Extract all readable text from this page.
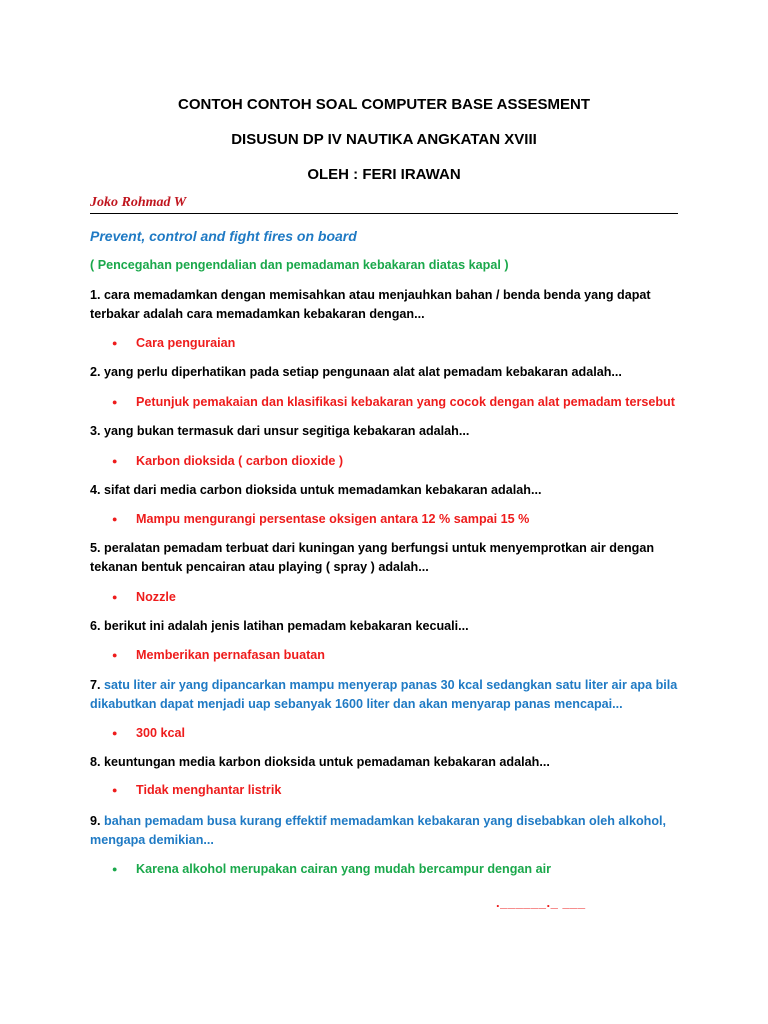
CONTOH CONTOH SOAL COMPUTER BASE ASSESMENT

DISUSUN DP IV NAUTIKA ANGKATAN XVIII

OLEH : FERI IRAWAN

Joko Rohmad W

Prevent, control and fight fires on board

( Pencegahan pengendalian dan pemadaman kebakaran diatas kapal )

1. cara memadamkan dengan memisahkan atau menjauhkan bahan / benda benda yang dapat terbakar adalah cara memadamkan kebakaran dengan...

● Cara penguraian

2. yang perlu diperhatikan pada setiap pengunaan alat alat pemadam kebakaran adalah...

● Petunjuk pemakaian dan klasifikasi kebakaran yang cocok dengan alat pemadam tersebut

3. yang bukan termasuk dari unsur segitiga kebakaran adalah...

● Karbon dioksida ( carbon dioxide )

4. sifat dari media carbon dioksida untuk memadamkan kebakaran adalah...

● Mampu mengurangi persentase oksigen antara 12 % sampai 15 %

5. peralatan pemadam terbuat dari kuningan yang berfungsi untuk menyemprotkan air dengan tekanan bentuk pencairan atau playing ( spray ) adalah...

● Nozzle

6. berikut ini adalah jenis latihan pemadam kebakaran kecuali...

● Memberikan pernafasan buatan

7. satu liter air yang dipancarkan mampu menyerap panas 30 kcal sedangkan satu liter air apa bila dikabutkan dapat menjadi uap sebanyak 1600 liter dan akan menyarap panas mencapai...

● 300 kcal

8. keuntungan media karbon dioksida untuk pemadaman kebakaran adalah...

● Tidak menghantar listrik

9. bahan pemadam busa kurang effektif memadamkan kebakaran yang disebabkan oleh alkohol, mengapa demikian...

● Karena alkohol merupakan cairan yang mudah bercampur dengan air

.______._ ___
